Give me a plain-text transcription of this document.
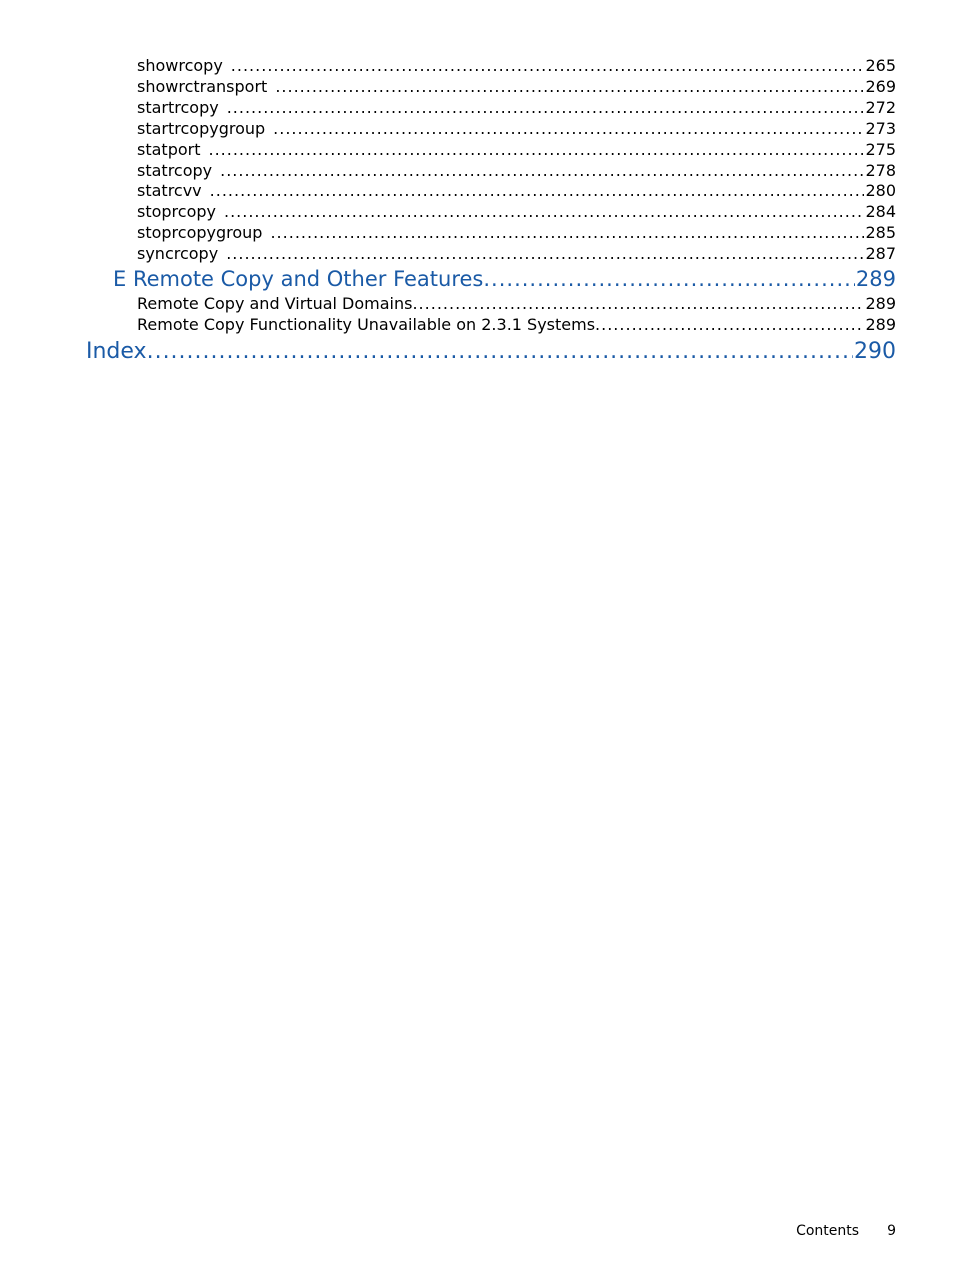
showrcopy .....	265
showrctransport .....	269
startrcopy .....	272
startrcopygroup .....	273
statport .....	275
statrcopy .....	278
statrcvv .....	280
stoprcopy .....	284
stoprcopygroup .....	285
syncrcopy .....	287
E Remote Copy and Other Features .....	289
Remote Copy and Virtual Domains .....	289
Remote Copy Functionality Unavailable on 2.3.1 Systems .....	289
Index .....	290
Contents 9
